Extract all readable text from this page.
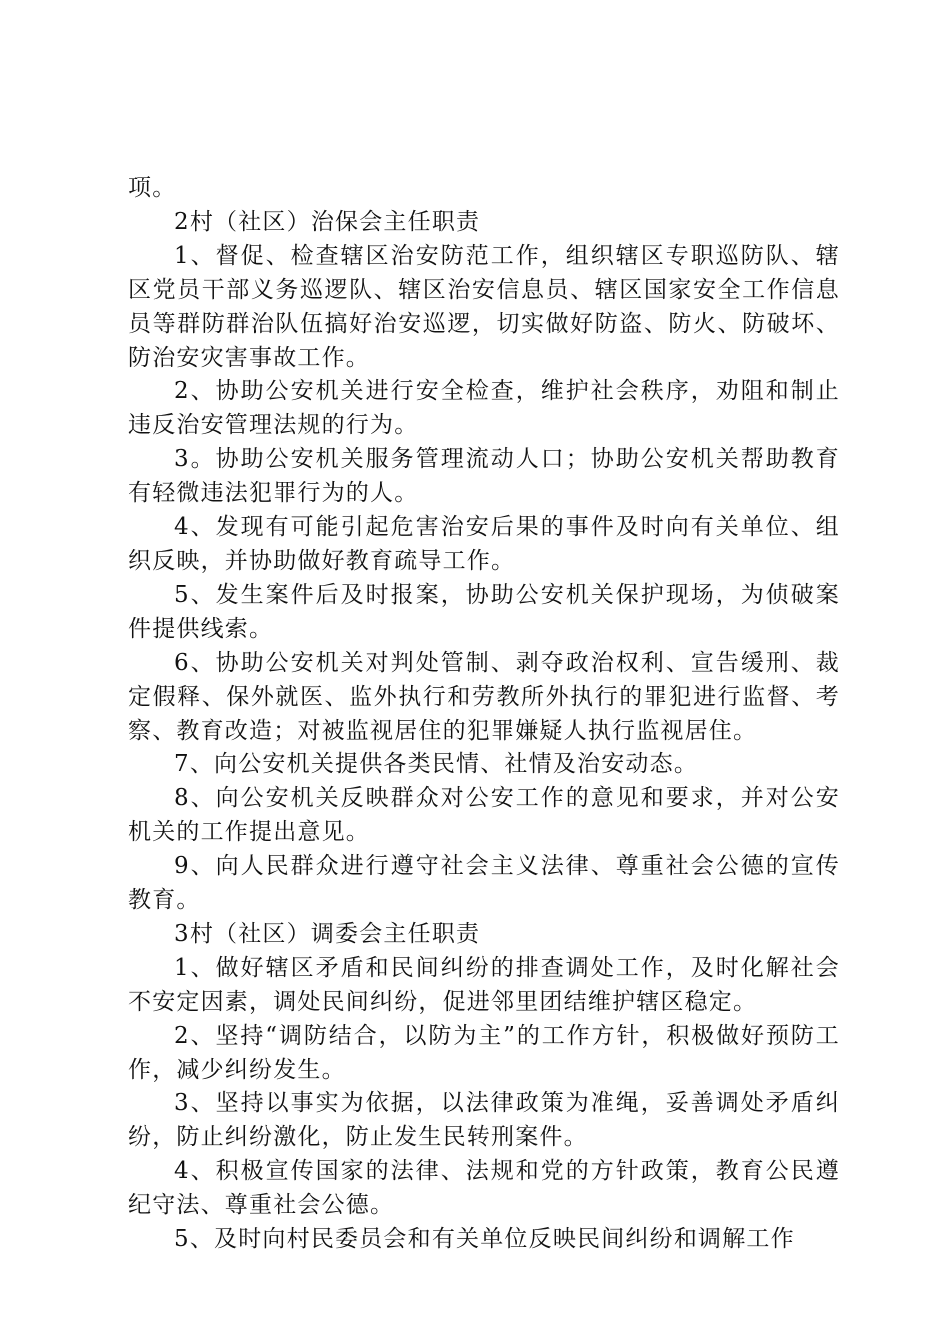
项。

2村（社区）治保会主任职责

1、督促、检查辖区治安防范工作，组织辖区专职巡防队、辖区党员干部义务巡逻队、辖区治安信息员、辖区国家安全工作信息员等群防群治队伍搞好治安巡逻，切实做好防盗、防火、防破坏、防治安灾害事故工作。

2、协助公安机关进行安全检查，维护社会秩序，劝阻和制止违反治安管理法规的行为。

3。协助公安机关服务管理流动人口；协助公安机关帮助教育有轻微违法犯罪行为的人。

4、发现有可能引起危害治安后果的事件及时向有关单位、组织反映，并协助做好教育疏导工作。

5、发生案件后及时报案，协助公安机关保护现场，为侦破案件提供线索。

6、协助公安机关对判处管制、剥夺政治权利、宣告缓刑、裁定假释、保外就医、监外执行和劳教所外执行的罪犯进行监督、考察、教育改造；对被监视居住的犯罪嫌疑人执行监视居住。

7、向公安机关提供各类民情、社情及治安动态。

8、向公安机关反映群众对公安工作的意见和要求，并对公安机关的工作提出意见。

9、向人民群众进行遵守社会主义法律、尊重社会公德的宣传教育。

3村（社区）调委会主任职责

1、做好辖区矛盾和民间纠纷的排查调处工作，及时化解社会不安定因素，调处民间纠纷，促进邻里团结维护辖区稳定。

2、坚持“调防结合，以防为主”的工作方针，积极做好预防工作，减少纠纷发生。

3、坚持以事实为依据，以法律政策为准绳，妥善调处矛盾纠纷，防止纠纷激化，防止发生民转刑案件。

4、积极宣传国家的法律、法规和党的方针政策，教育公民遵纪守法、尊重社会公德。

5、及时向村民委员会和有关单位反映民间纠纷和调解工作
